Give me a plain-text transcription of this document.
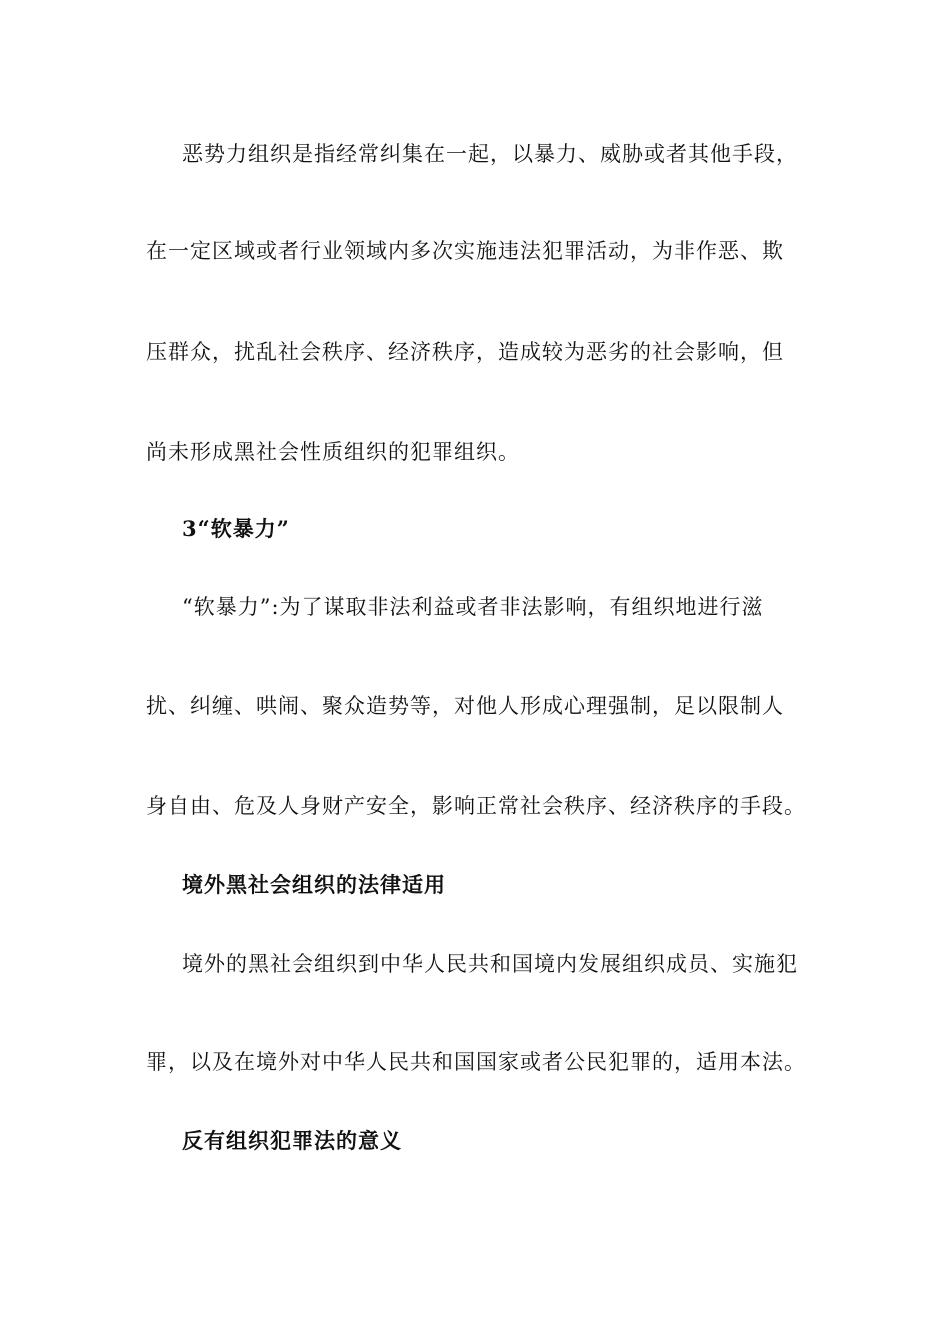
恶势力组织是指经常纠集在一起，以暴力、威胁或者其他手段，
在一定区域或者行业领域内多次实施违法犯罪活动，为非作恶、欺
压群众，扰乱社会秩序、经济秩序，造成较为恶劣的社会影响，但
尚未形成黑社会性质组织的犯罪组织。
3“软暴力”
“软暴力”:为了谋取非法利益或者非法影响，有组织地进行滋
扰、纠缠、哄闹、聚众造势等，对他人形成心理强制，足以限制人
身自由、危及人身财产安全，影响正常社会秩序、经济秩序的手段。
境外黑社会组织的法律适用
境外的黑社会组织到中华人民共和国境内发展组织成员、实施犯
罪，以及在境外对中华人民共和国国家或者公民犯罪的，适用本法。
反有组织犯罪法的意义
